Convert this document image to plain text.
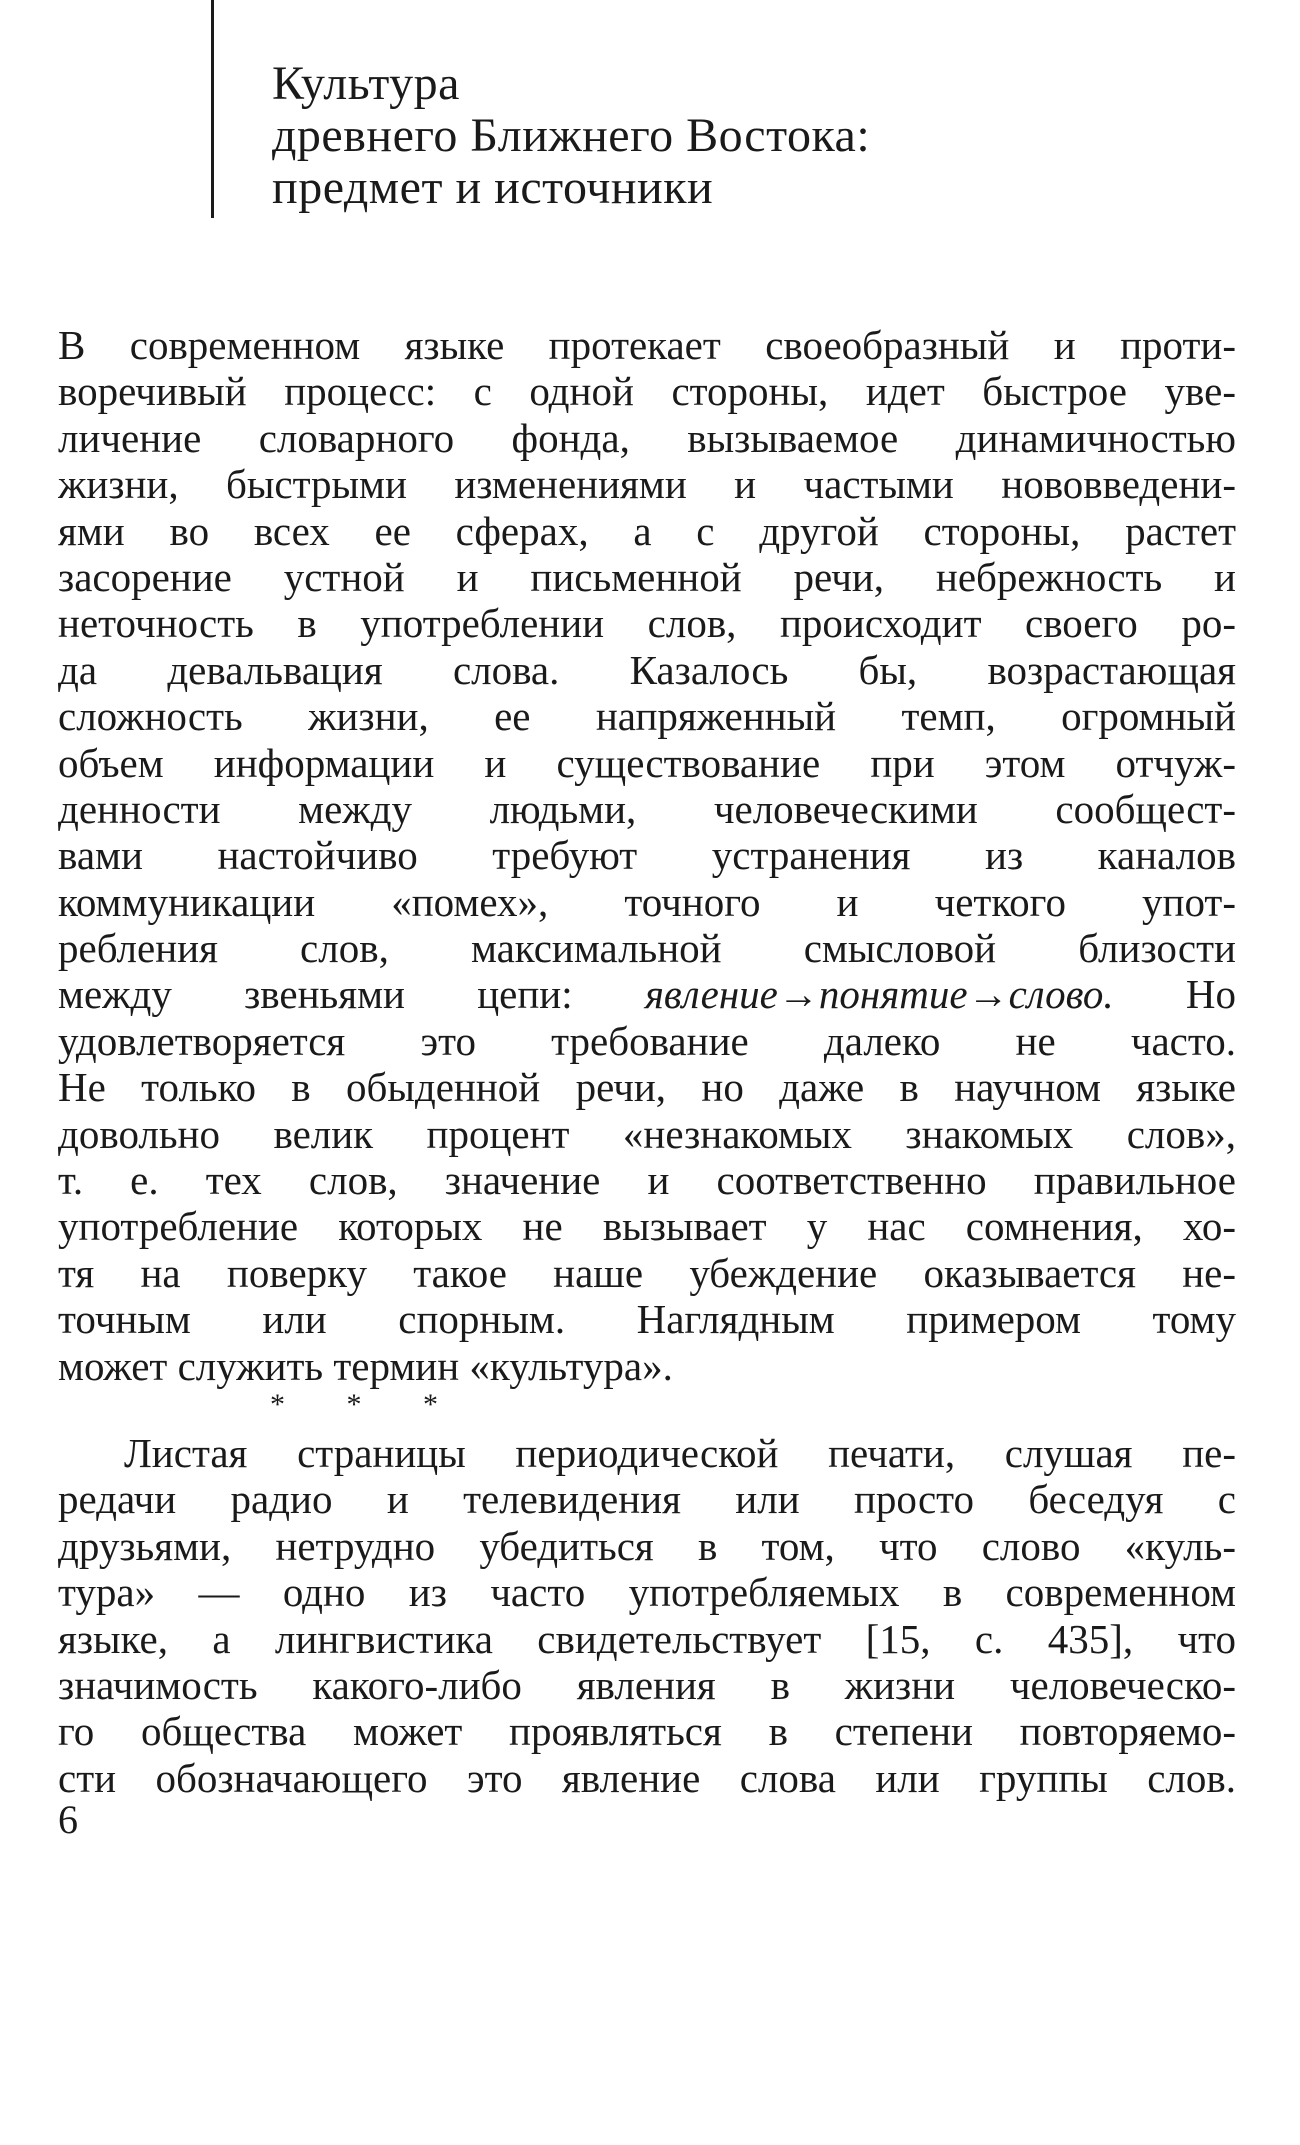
Культура
древнего Ближнего Востока:
предмет и источники
В современном языке протекает своеобразный и проти-
воречивый процесс: с одной стороны, идет быстрое уве-
личение словарного фонда, вызываемое динамичностью
жизни, быстрыми изменениями и частыми нововведени-
ями во всех ее сферах, а с другой стороны, растет
засорение устной и письменной речи, небрежность и
неточность в употреблении слов, происходит своего ро-
да девальвация слова. Казалось бы, возрастающая
сложность жизни, ее напряженный темп, огромный
объем информации и существование при этом отчуж-
денности между людьми, человеческими сообщест-
вами настойчиво требуют устранения из каналов
коммуникации «помех», точного и четкого упот-
ребления слов, максимальной смысловой близости
между звеньями цепи: явление→понятие→слово. Но
удовлетворяется это требование далеко не часто.
Не только в обыденной речи, но даже в научном языке
довольно велик процент «незнакомых знакомых слов»,
т. е. тех слов, значение и соответственно правильное
употребление которых не вызывает у нас сомнения, хо-
тя на поверку такое наше убеждение оказывается не-
точным или спорным. Наглядным примером тому
может служить термин «культура».
* * *
Листая страницы периодической печати, слушая пе-
редачи радио и телевидения или просто беседуя с
друзьями, нетрудно убедиться в том, что слово «куль-
тура» — одно из часто употребляемых в современном
языке, а лингвистика свидетельствует [15, с. 435], что
значимость какого-либо явления в жизни человеческо-
го общества может проявляться в степени повторяемо-
сти обозначающего это явление слова или группы слов.
6
